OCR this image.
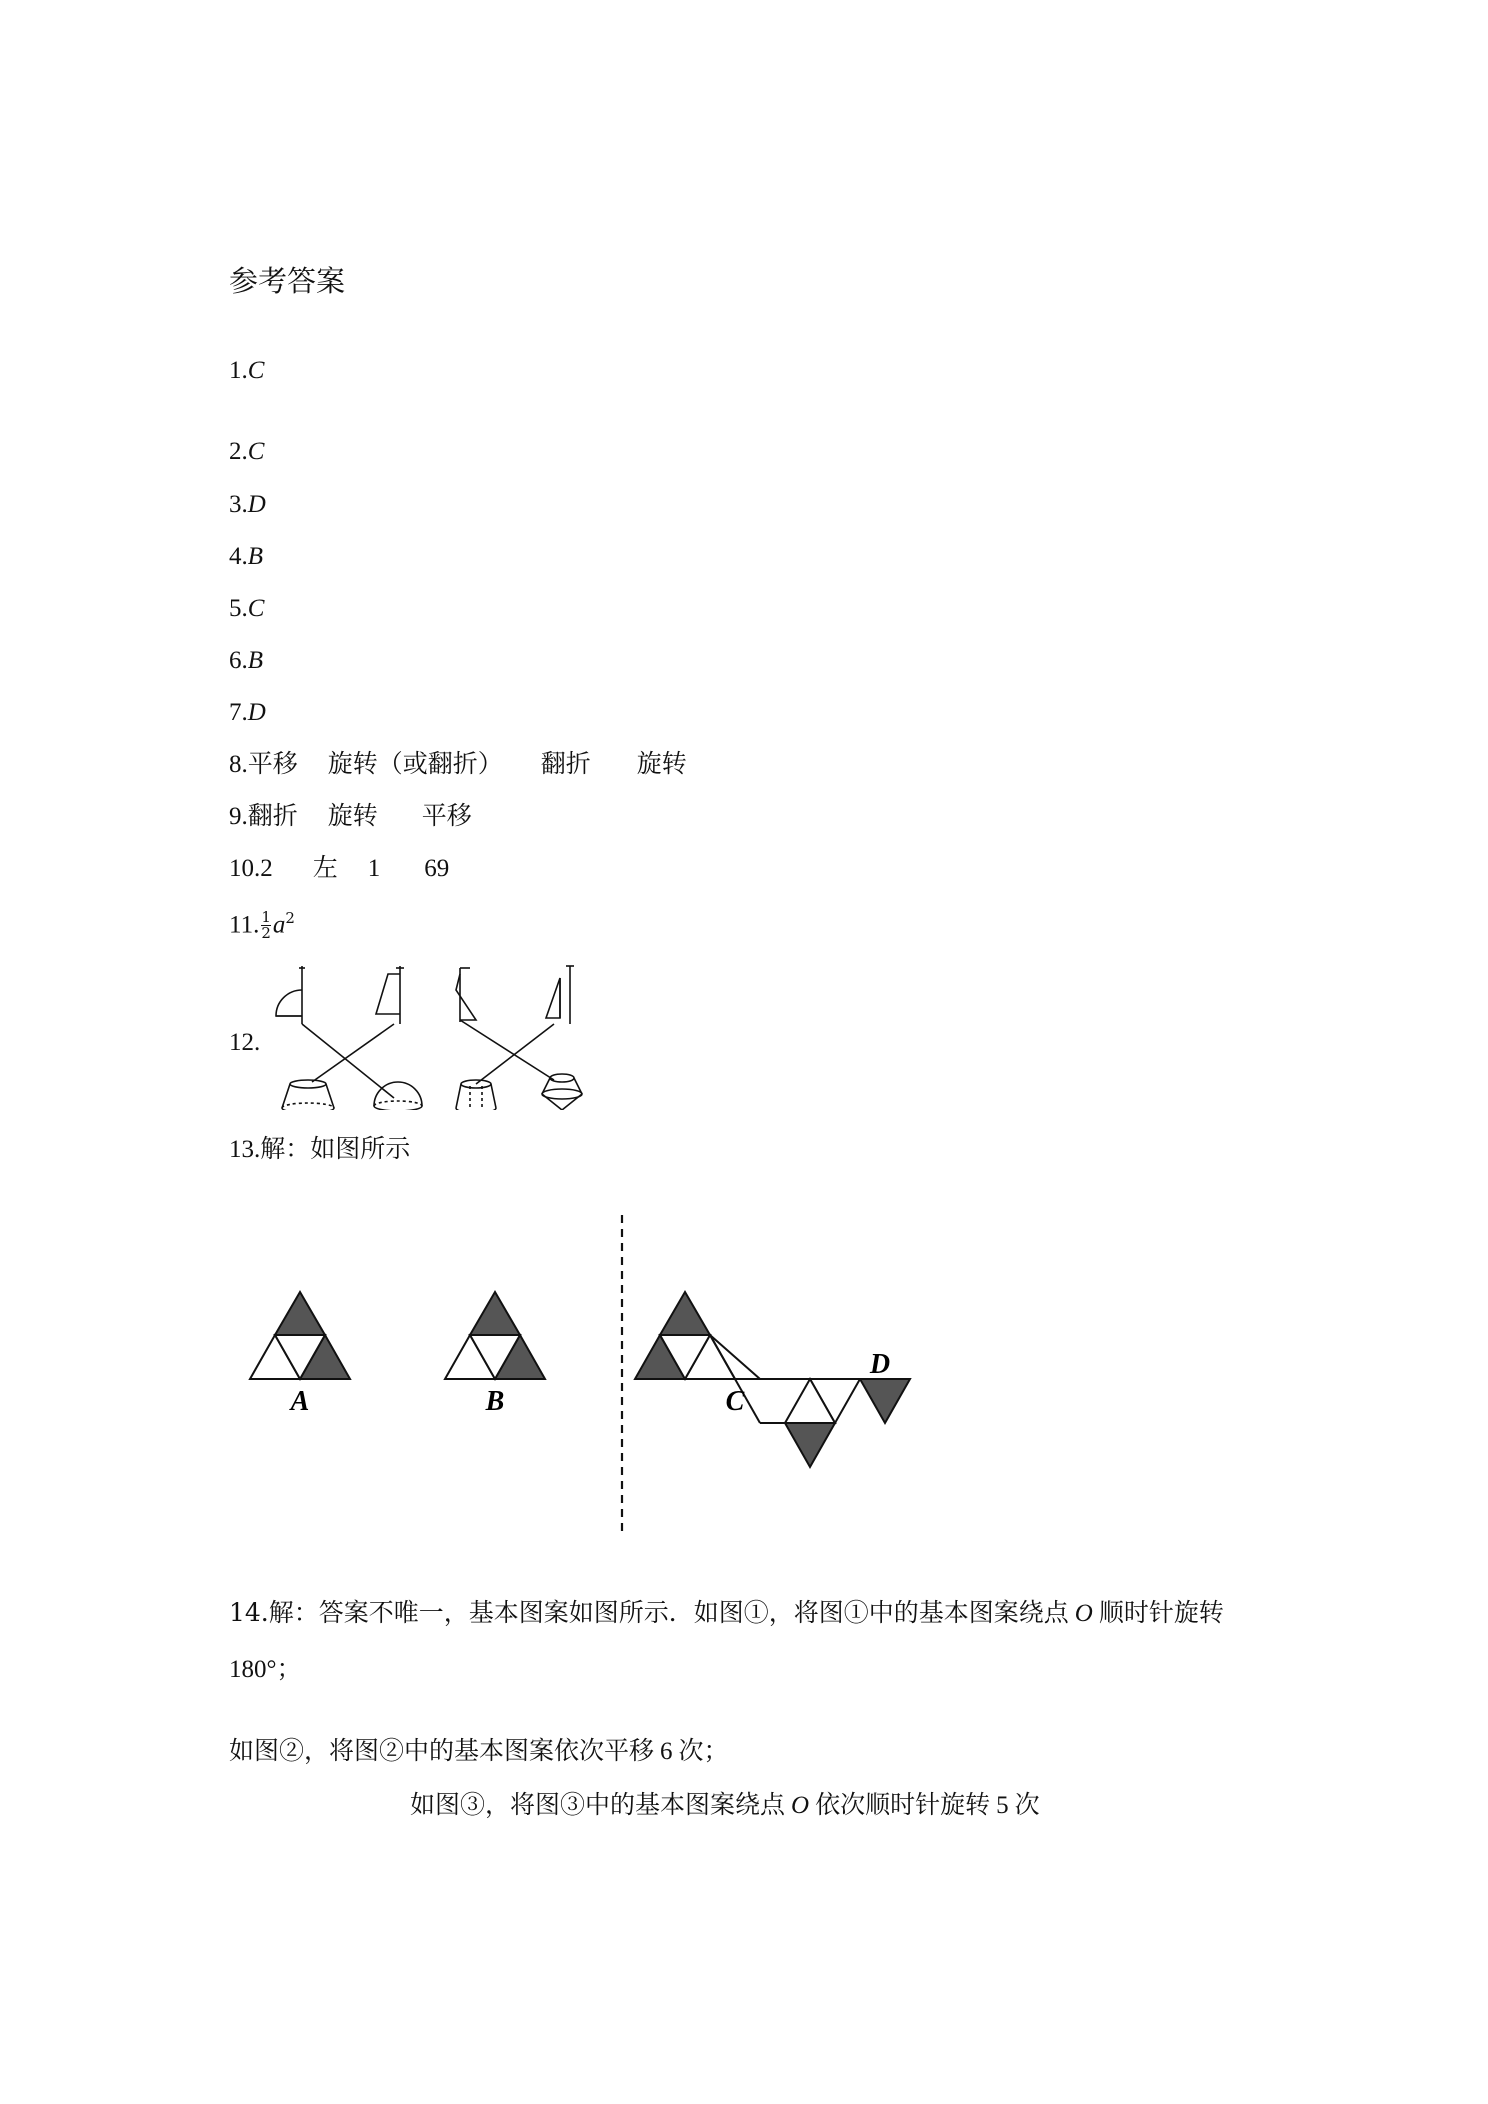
参考答案
1.C
2.C
3.D
4.B
5.C
6.B
7.D
8.平移 旋转（或翻折） 翻折 旋转
9.翻折 旋转 平移
10.2 左 1 69
11. $\frac{1}{2} a^2$
12.
13.解：如图所示
A	B	C
D
14.解：答案不唯一，基本图案如图所示．如图①，将图①中的基本图案绕点 O 顺时针旋转
180°；
如图②，将图②中的基本图案依次平移 6 次；
如图③，将图③中的基本图案绕点 O 依次顺时针旋转 5 次
